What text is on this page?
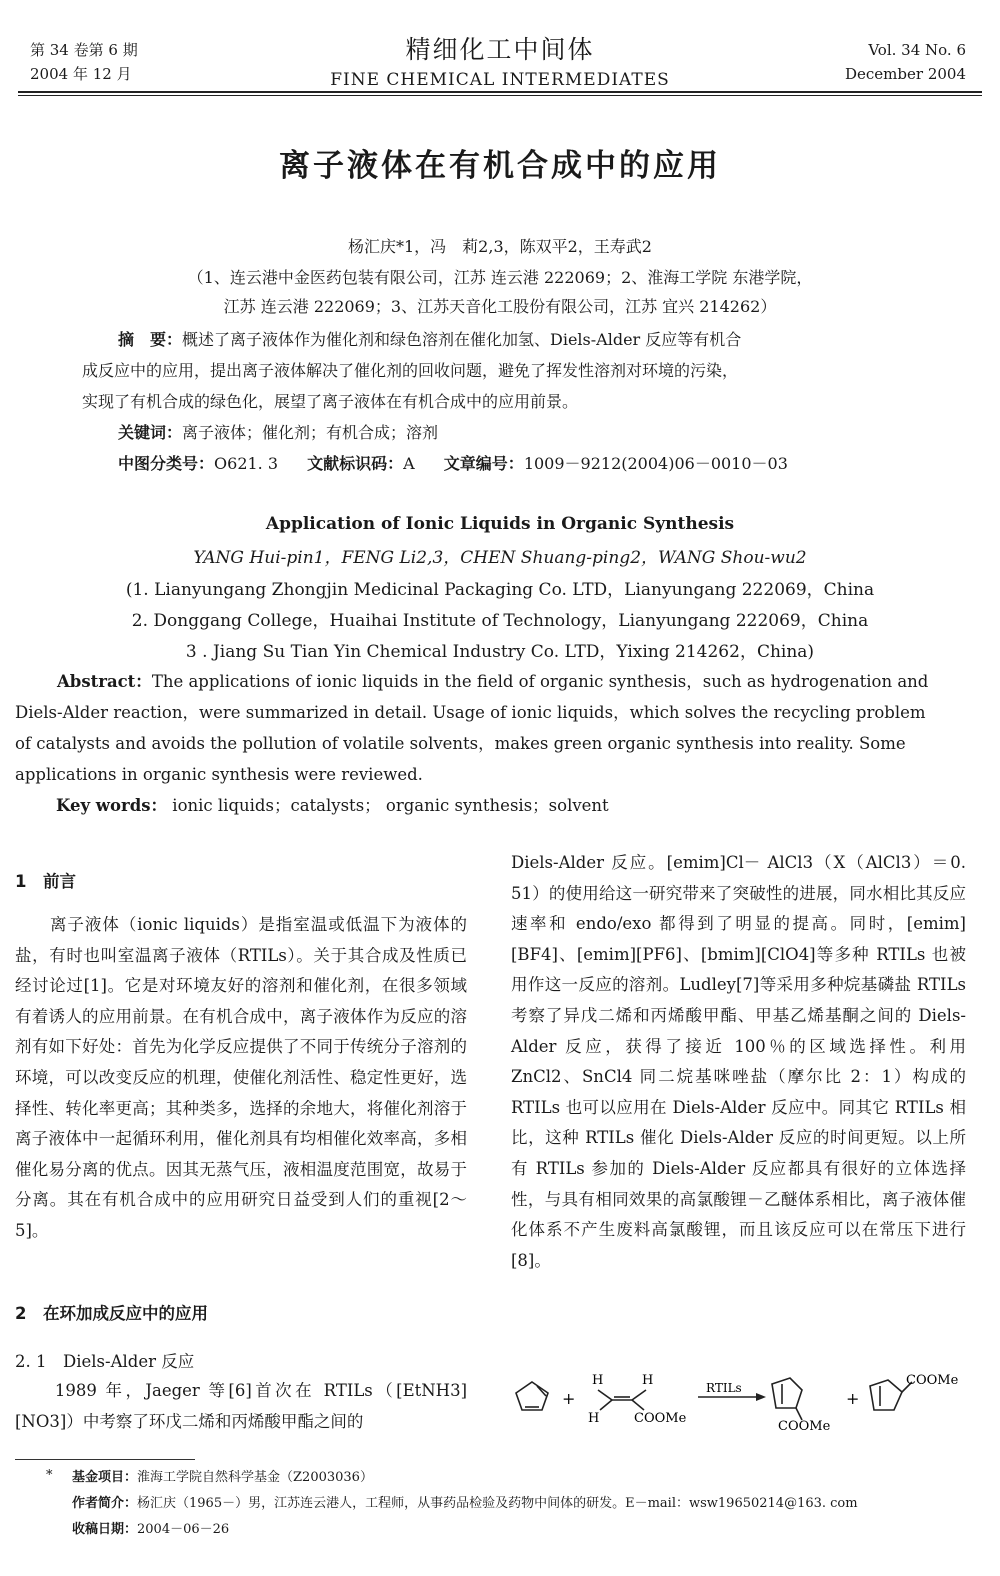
第 34 卷第 6 期
2004 年 12 月
精细化工中间体
FINE CHEMICAL INTERMEDIATES
Vol. 34 No. 6
December 2004
离子液体在有机合成中的应用
杨汇庆*1，冯　莉2,3，陈双平2，王寿武2
（1、连云港中金医药包装有限公司，江苏 连云港 222069；2、淮海工学院 东港学院，
江苏 连云港 222069；3、江苏天音化工股份有限公司，江苏 宜兴 214262）
摘　要：概述了离子液体作为催化剂和绿色溶剂在催化加氢、Diels-Alder 反应等有机合
成反应中的应用，提出离子液体解决了催化剂的回收问题，避免了挥发性溶剂对环境的污染，
实现了有机合成的绿色化，展望了离子液体在有机合成中的应用前景。
关键词：离子液体；催化剂；有机合成；溶剂
中图分类号：O621. 3 文献标识码：A 文章编号：1009－9212(2004)06－0010－03
Application of Ionic Liquids in Organic Synthesis
YANG Hui-pin1，FENG Li2,3，CHEN Shuang-ping2，WANG Shou-wu2
(1. Lianyungang Zhongjin Medicinal Packaging Co. LTD，Lianyungang 222069，China
2. Donggang College，Huaihai Institute of Technology，Lianyungang 222069，China
3 . Jiang Su Tian Yin Chemical Industry Co. LTD，Yixing 214262，China)
Abstract：The applications of ionic liquids in the field of organic synthesis，such as hydrogenation and
Diels-Alder reaction，were summarized in detail. Usage of ionic liquids，which solves the recycling problem
of catalysts and avoids the pollution of volatile solvents，makes green organic synthesis into reality. Some
applications in organic synthesis were reviewed.
Key words： ionic liquids；catalysts； organic synthesis；solvent
1　前言
　　离子液体（ionic liquids）是指室温或低温下为液体的盐，有时也叫室温离子液体（RTILs）。关于其合成及性质已经讨论过[1]。它是对环境友好的溶剂和催化剂，在很多领域有着诱人的应用前景。在有机合成中，离子液体作为反应的溶剂有如下好处：首先为化学反应提供了不同于传统分子溶剂的环境，可以改变反应的机理，使催化剂活性、稳定性更好，选择性、转化率更高；其种类多，选择的余地大，将催化剂溶于离子液体中一起循环利用，催化剂具有均相催化效率高，多相催化易分离的优点。因其无蒸气压，液相温度范围宽，故易于分离。其在有机合成中的应用研究日益受到人们的重视[2～5]。
2　在环加成反应中的应用
2. 1　Diels-Alder 反应
　　1989 年，Jaeger 等[6]首次在 RTILs（[EtNH3][NO3]）中考察了环戊二烯和丙烯酸甲酯之间的
Diels-Alder 反应。[emim]Cl－ AlCl3（X（AlCl3）＝0. 51）的使用给这一研究带来了突破性的进展，同水相比其反应速率和 endo/exo 都得到了明显的提高。同时，[emim][BF4]、[emim][PF6]、[bmim][ClO4]等多种 RTILs 也被用作这一反应的溶剂。Ludley[7]等采用多种烷基磷盐 RTILs 考察了异戊二烯和丙烯酸甲酯、甲基乙烯基酮之间的 Diels-Alder 反应，获得了接近 100％的区域选择性。利用 ZnCl2、SnCl4 同二烷基咪唑盐（摩尔比 2：1）构成的 RTILs 也可以应用在 Diels-Alder 反应中。同其它 RTILs 相比，这种 RTILs 催化 Diels-Alder 反应的时间更短。以上所有 RTILs 参加的 Diels-Alder 反应都具有很好的立体选择性，与具有相同效果的高氯酸锂－乙醚体系相比，离子液体催化体系不产生废料高氯酸锂，而且该反应可以在常压下进行[8]。
+
H	H
H	COOMe
RTILs
COOMe
+
COOMe
* 基金项目：淮海工学院自然科学基金（Z2003036）
作者简介：杨汇庆（1965－）男，江苏连云港人，工程师，从事药品检验及药物中间体的研发。E－mail：wsw19650214@163. com
收稿日期：2004－06－26
